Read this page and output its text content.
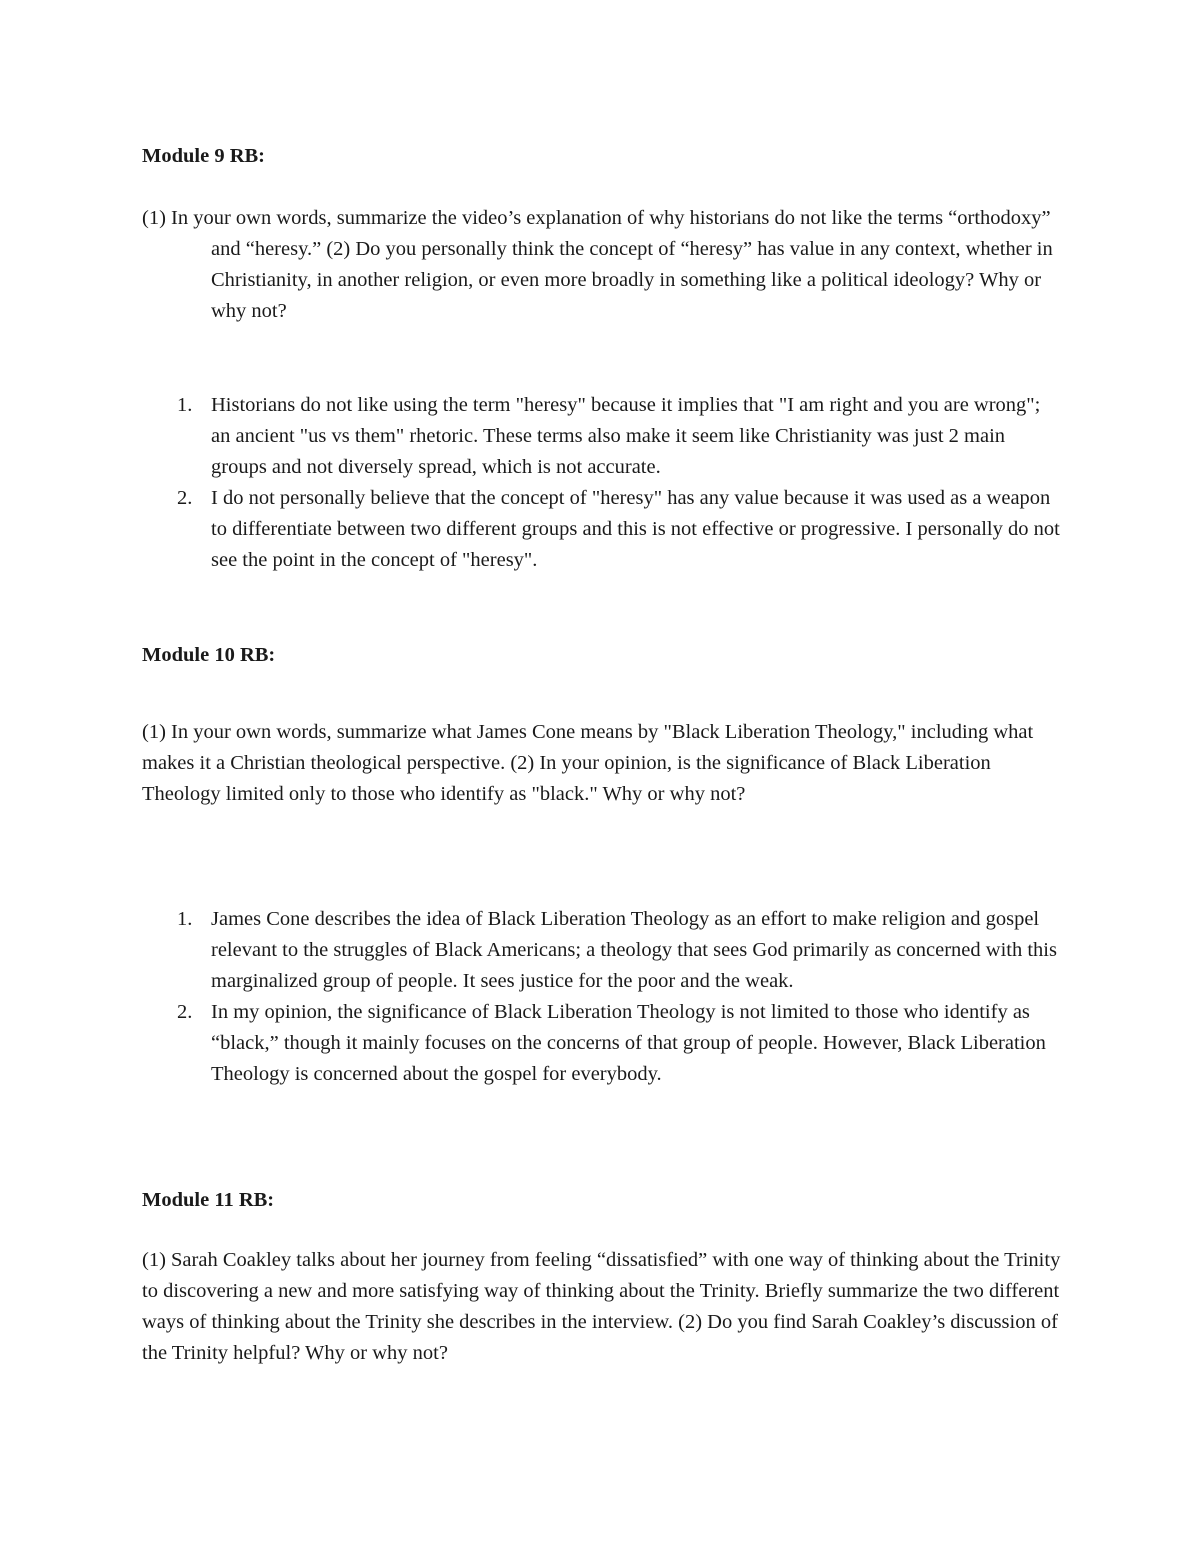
Module 9 RB:

(1) In your own words, summarize the video’s explanation of why historians do not like the terms “orthodoxy” and “heresy.” (2) Do you personally think the concept of “heresy” has value in any context, whether in Christianity, in another religion, or even more broadly in something like a political ideology? Why or why not?

1. Historians do not like using the term "heresy" because it implies that "I am right and you are wrong"; an ancient "us vs them" rhetoric. These terms also make it seem like Christianity was just 2 main groups and not diversely spread, which is not accurate.
2. I do not personally believe that the concept of "heresy" has any value because it was used as a weapon to differentiate between two different groups and this is not effective or progressive. I personally do not see the point in the concept of "heresy".

Module 10 RB:

(1) In your own words, summarize what James Cone means by "Black Liberation Theology," including what makes it a Christian theological perspective. (2) In your opinion, is the significance of Black Liberation Theology limited only to those who identify as "black." Why or why not?

1. James Cone describes the idea of Black Liberation Theology as an effort to make religion and gospel relevant to the struggles of Black Americans; a theology that sees God primarily as concerned with this marginalized group of people. It sees justice for the poor and the weak.
2. In my opinion, the significance of Black Liberation Theology is not limited to those who identify as “black,” though it mainly focuses on the concerns of that group of people. However, Black Liberation Theology is concerned about the gospel for everybody.

Module 11 RB:

(1) Sarah Coakley talks about her journey from feeling “dissatisfied” with one way of thinking about the Trinity to discovering a new and more satisfying way of thinking about the Trinity. Briefly summarize the two different ways of thinking about the Trinity she describes in the interview. (2) Do you find Sarah Coakley’s discussion of the Trinity helpful? Why or why not?
